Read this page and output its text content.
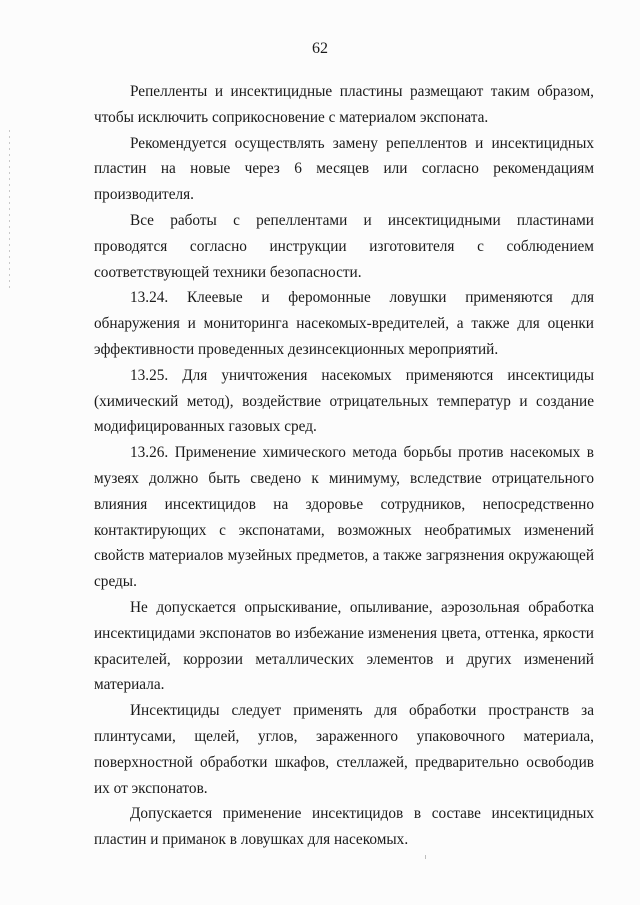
62

Репелленты и инсектицидные пластины размещают таким образом, чтобы исключить соприкосновение с материалом экспоната.

Рекомендуется осуществлять замену репеллентов и инсектицидных пластин на новые через 6 месяцев или согласно рекомендациям производителя.

Все работы с репеллентами и инсектицидными пластинами проводятся согласно инструкции изготовителя с соблюдением соответствующей техники безопасности.

13.24. Клеевые и феромонные ловушки применяются для обнаружения и мониторинга насекомых-вредителей, а также для оценки эффективности проведенных дезинсекционных мероприятий.

13.25. Для уничтожения насекомых применяются инсектициды (химический метод), воздействие отрицательных температур и создание модифицированных газовых сред.

13.26. Применение химического метода борьбы против насекомых в музеях должно быть сведено к минимуму, вследствие отрицательного влияния инсектицидов на здоровье сотрудников, непосредственно контактирующих с экспонатами, возможных необратимых изменений свойств материалов музейных предметов, а также загрязнения окружающей среды.

Не допускается опрыскивание, опыливание, аэрозольная обработка инсектицидами экспонатов во избежание изменения цвета, оттенка, яркости красителей, коррозии металлических элементов и других изменений материала.

Инсектициды следует применять для обработки пространств за плинтусами, щелей, углов, зараженного упаковочного материала, поверхностной обработки шкафов, стеллажей, предварительно освободив их от экспонатов.

Допускается применение инсектицидов в составе инсектицидных пластин и приманок в ловушках для насекомых.
